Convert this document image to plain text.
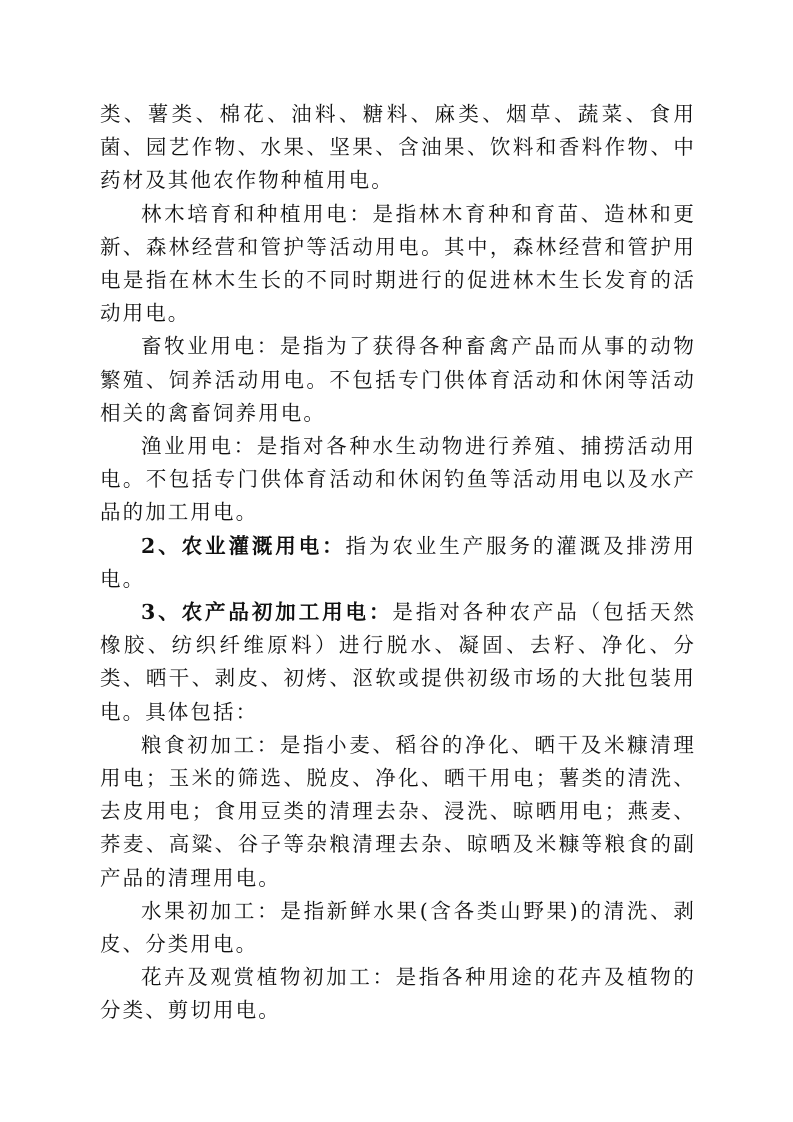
类、薯类、棉花、油料、糖料、麻类、烟草、蔬菜、食用菌、园艺作物、水果、坚果、含油果、饮料和香料作物、中药材及其他农作物种植用电。

林木培育和种植用电：是指林木育种和育苗、造林和更新、森林经营和管护等活动用电。其中，森林经营和管护用电是指在林木生长的不同时期进行的促进林木生长发育的活动用电。

畜牧业用电：是指为了获得各种畜禽产品而从事的动物繁殖、饲养活动用电。不包括专门供体育活动和休闲等活动相关的禽畜饲养用电。

渔业用电：是指对各种水生动物进行养殖、捕捞活动用电。不包括专门供体育活动和休闲钓鱼等活动用电以及水产品的加工用电。

2、农业灌溉用电：指为农业生产服务的灌溉及排涝用电。

3、农产品初加工用电：是指对各种农产品（包括天然橡胶、纺织纤维原料）进行脱水、凝固、去籽、净化、分类、晒干、剥皮、初烤、沤软或提供初级市场的大批包装用电。具体包括：

粮食初加工：是指小麦、稻谷的净化、晒干及米糠清理用电；玉米的筛选、脱皮、净化、晒干用电；薯类的清洗、去皮用电；食用豆类的清理去杂、浸洗、晾晒用电；燕麦、荞麦、高粱、谷子等杂粮清理去杂、晾晒及米糠等粮食的副产品的清理用电。

水果初加工：是指新鲜水果(含各类山野果)的清洗、剥皮、分类用电。

花卉及观赏植物初加工：是指各种用途的花卉及植物的分类、剪切用电。
